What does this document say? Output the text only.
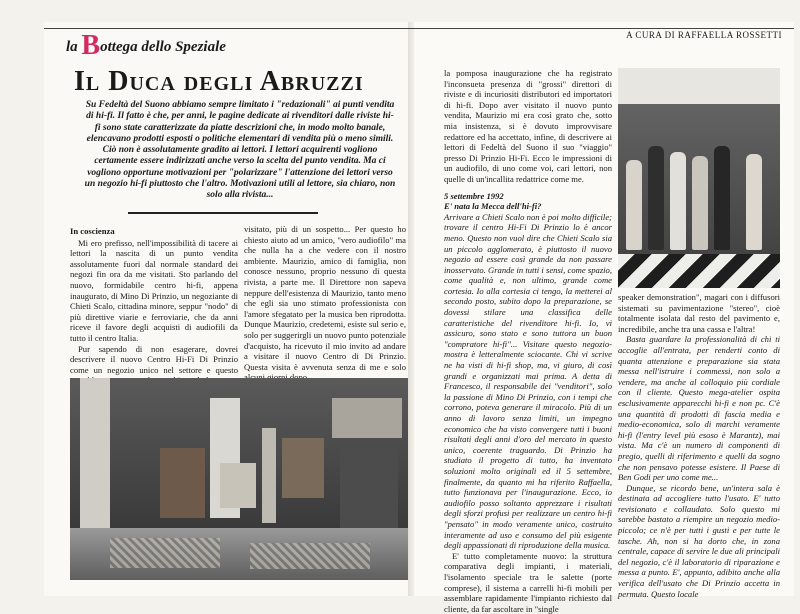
la Bottega dello Speziale
A CURA DI RAFFAELLA ROSSETTI
Il Duca degli Abruzzi
Su Fedeltà del Suono abbiamo sempre limitato i "redazionali" ai punti vendita di hi-fi. Il fatto è che, per anni, le pagine dedicate ai rivenditori dalle riviste hi-fi sono state caratterizzate da piatte descrizioni che, in modo molto banale, elencavano prodotti esposti o politiche elementari di vendita più o meno simili. Ciò non è assolutamente gradito ai lettori. I lettori acquirenti vogliono certamente essere indirizzati anche verso la scelta del punto vendita. Ma ci vogliono opportune motivazioni per "polarizzare" l'attenzione dei lettori verso un negozio hi-fi piuttosto che l'altro. Motivazioni utili al lettore, sia chiaro, non solo alla rivista...
In coscienza

Mi ero prefisso, nell'impossibilità di tacere ai lettori la nascita di un punto vendita assolutamente fuori dal normale standard dei negozi fin ora da me visitati. Sto parlando del nuovo, formidabile centro hi-fi, appena inaugurato, di Mino Di Prinzio, un negoziante di Chieti Scalo, cittadina minore, seppur "nodo" di più direttive viarie e ferroviarie, che da anni riceve il favore degli acquisti di audiofili da tutto il centro Italia.

Pur sapendo di non esagerare, dovrei descrivere il nuovo Centro Hi-Fi Di Prinzio come un negozio unico nel settore e questo

visitato, più di un sospetto... Per questo ho chiesto aiuto ad un amico, "vero audiofilo" ma che nulla ha a che vedere con il nostro ambiente. Maurizio, amico di famiglia, non conosce nessuno, proprio nessuno di questa rivista, a parte me. Il Direttore non sapeva neppure dell'esistenza di Maurizio, tanto meno che egli sia uno stimato professionista con l'amore sfegatato per la musica ben riprodotta. Dunque Maurizio, credetemi, esiste sul serio e, solo per suggerirgli un nuovo punto potenziale d'acquisto, ha ricevuto il mio invito ad andare a visitare il nuovo Centro di Di Prinzio. Questa visita è avvenuta senza di me e solo

la pomposa inaugurazione che ha registrato l'inconsueta presenza di "grossi" direttori di riviste e di incuriositi distributori ed importatori di hi-fi. Dopo aver visitato il nuovo punto vendita, Maurizio mi era così grato che, sotto mia insistenza, si è dovuto improvvisare redattore ed ha accettato, infine, di descrivere ai lettori di Fedeltà del Suono il suo "viaggio" presso Di Prinzio Hi-Fi. Ecco le impressioni di un audiofilo, di uno come voi, cari lettori, non quelle di un'incallita redattrice come me.

5 settembre 1992

E' nata la Mecca dell'hi-fi?

Arrivare a Chieti Scalo non è poi molto difficile; trovare il centro Hi-Fi Di Prinzio lo è ancor meno. Questo non vuol dire che Chieti Scalo sia un piccolo agglomerato, è piuttosto il nuovo negozio ad essere così grande da non passare inosservato. Grande in tutti i sensi, come spazio, come qualità e, non ultimo, grande come cortesia. Io alla cortesia ci tengo, la metterei al secondo posto, subito dopo la preparazione, se dovessi stilare una classifica delle caratteristiche del rivenditore hi-fi. Io, vi assicuro, sono stato e sono tuttora un buon "compratore hi-fi"... Visitare questo negozio-mostra è letteralmente sciocante. Chi vi scrive ne ha visti di hi-fi shop, ma, vi giuro, di così grandi e organizzati mai prima. A detta di Francesco, il responsabile dei "venditori", solo la passione di Mino Di Prinzio, con i tempi che corrono, poteva generare il miracolo. Più di un anno di lavoro senza limiti, un impegno economico che ha visto convergere tutti i buoni risultati degli anni d'oro del mercato in questo unico, coerente traguardo. Di Prinzio ha studiato il progetto di tutto, ha inventato soluzioni molto originali ed il 5 settembre, finalmente, da quanto mi ha riferito Raffaella, tutto funzionava per l'inaugurazione. Ecco, io audiofilo posso soltanto apprezzare i risultati degli sforzi profusi per realizzare un centro hi-fi "pensato" in modo veramente unico, costruito interamente ad uso e consumo del più esigente degli appassionati di riproduzione della musica.

E' tutto completamente nuovo: la struttura comparativa degli impianti, i materiali, l'isolamento speciale tra le salette (porte comprese), il sistema a carrelli hi-fi mobili per assemblare rapidamente l'impianto richiesto dal cliente, da far ascoltare in "single

speaker demonstration", magari con i diffusori sistemati su pavimentazione "stereo", cioè totalmente isolata dal resto del pavimento e, incredibile, anche tra una cassa e l'altra!

Basta guardare la professionalità di chi ti accoglie all'entrata, per renderti conto di quanta attenzione e preparazione sia stata messa nell'istruire i commessi, non solo a vendere, ma anche al colloquio più cordiale con il cliente. Questo mega-atelier ospita esclusivamente apparecchi hi-fi e non pc. C'è una quantità di prodotti di fascia media e medio-economica, solo di marchi veramente hi-fi (l'entry level più esoso è Marantz), mai vista. Ma c'è un numero di componenti di pregio, quelli di riferimento e quelli da sogno che non pensavo potesse esistere. Il Paese di Ben Godi per uno come me...

Dunque, se ricordo bene, un'intera sala è destinata ad accogliere tutto l'usato. E' tutto revisionato e collaudato. Solo questo mi sarebbe bastato a riempire un negozio medio-piccolo; ce n'è per tutti i gusti e per tutte le tasche. Ah, non si ha dorto che, in zona centrale, capace di servire le due ali principali del negozio, c'è il laboratorio di riparazione e messa a punto. E', appunto, adibito anche alla verifica dell'usato che Di Prinzio accetta in permuta. Questo locale
